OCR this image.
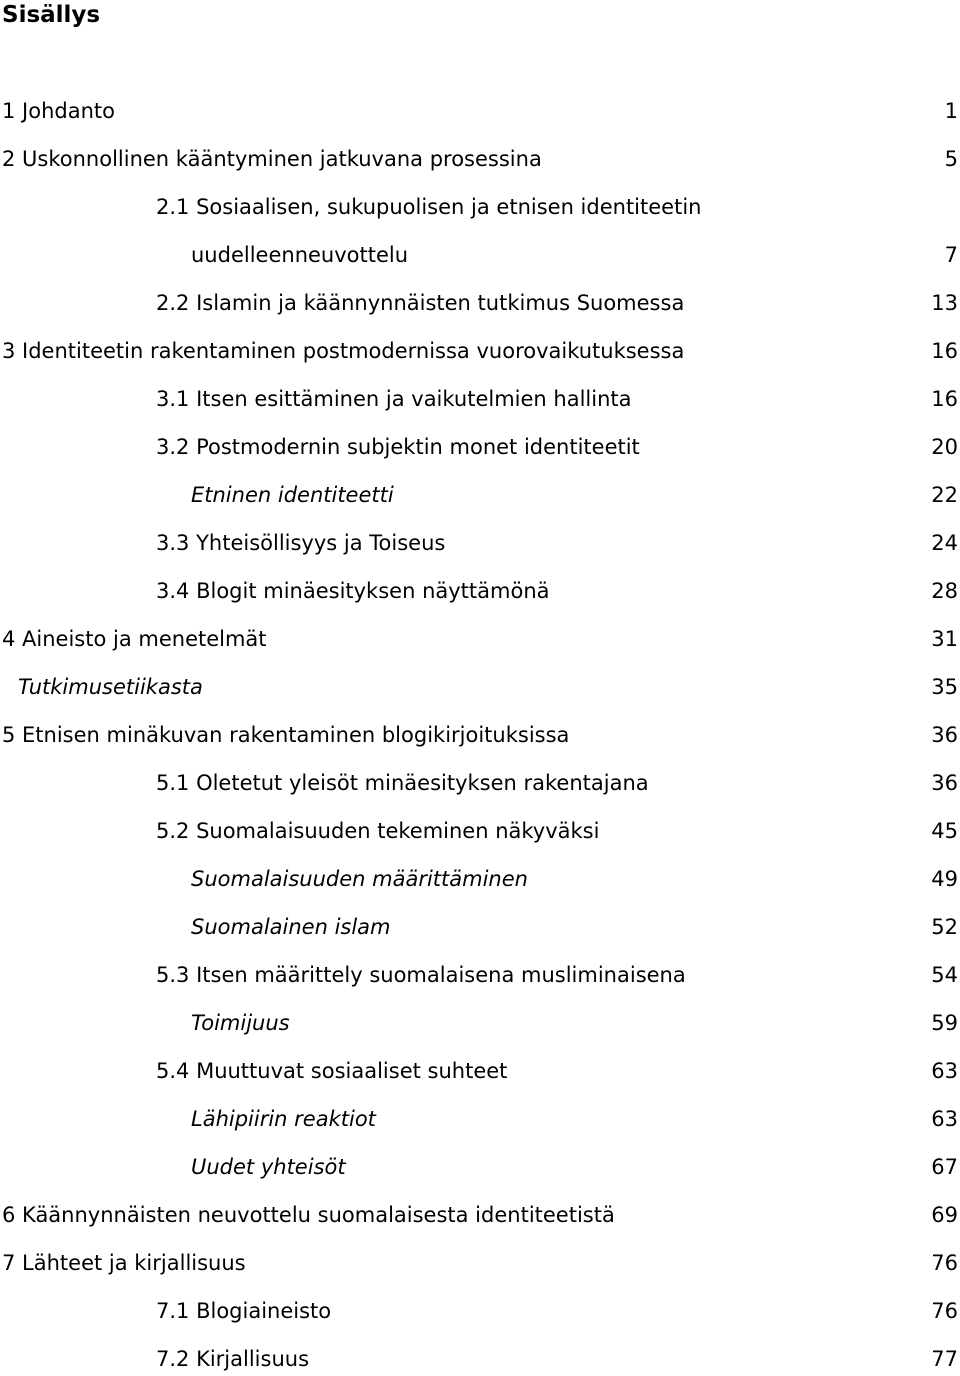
Sisällys
1 Johdanto	1
2 Uskonnollinen kääntyminen jatkuvana prosessina	5
2.1 Sosiaalisen, sukupuolisen ja etnisen identiteetin
uudelleenneuvottelu	7
2.2 Islamin ja käännynnäisten tutkimus Suomessa	13
3 Identiteetin rakentaminen postmodernissa vuorovaikutuksessa	16
3.1 Itsen esittäminen ja vaikutelmien hallinta	16
3.2 Postmodernin subjektin monet identiteetit	20
Etninen identiteetti	22
3.3 Yhteisöllisyys ja Toiseus	24
3.4 Blogit minäesityksen näyttämönä	28
4 Aineisto ja menetelmät	31
Tutkimusetiikasta	35
5 Etnisen minäkuvan rakentaminen blogikirjoituksissa	36
5.1 Oletetut yleisöt minäesityksen rakentajana	36
5.2 Suomalaisuuden tekeminen näkyväksi	45
Suomalaisuuden määrittäminen	49
Suomalainen islam	52
5.3 Itsen määrittely suomalaisena musliminaisena	54
Toimijuus	59
5.4 Muuttuvat sosiaaliset suhteet	63
Lähipiirin reaktiot	63
Uudet yhteisöt	67
6 Käännynnäisten neuvottelu suomalaisesta identiteetistä	69
7 Lähteet ja kirjallisuus	76
7.1 Blogiaineisto	76
7.2 Kirjallisuus	77
